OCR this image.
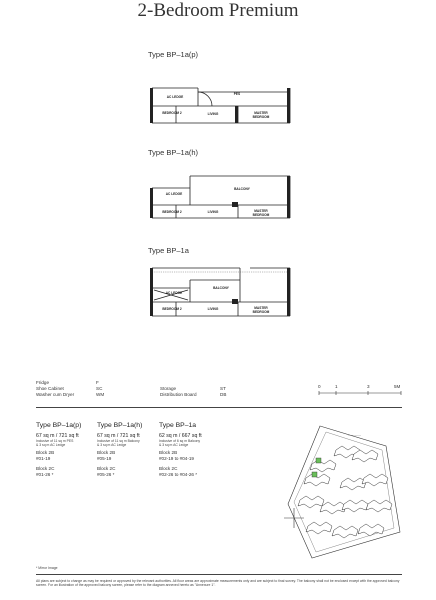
2-Bedroom Premium
Type BP–1a(p)
AC LEDGE
PES
BEDROOM 2	LIVING	MASTER BEDROOM
Type BP–1a(h)
AC LEDGE
BALCONY
BEDROOM 2	LIVING	MASTER BEDROOM
Type BP–1a
AC LEDGE
BALCONY
BEDROOM 2	LIVING	MASTER BEDROOM
Fridge	F
Shoe Cabinet	SC
Washer cum Dryer	WM
Storage	ST
Distribution Board	DB
0	1	3	5M
Type BP–1a(p)
67 sq m / 721 sq ft
Inclusive of 11 sq m PES
& 3 sq m AC Ledge
Block 2B
#01-19
Block 2C
#01-26 *
Type BP–1a(h)
67 sq m / 721 sq ft
Inclusive of 11 sq m Balcony
& 3 sq m AC Ledge
Block 2B
#05-19
Block 2C
#05-26 *
Type BP–1a
62 sq m / 667 sq ft
Inclusive of 6 sq m Balcony
& 3 sq m AC Ledge
Block 2B
#02-19 to #04-19
Block 2C
#02-26 to #04-26 *
—————
* Mirror Image
All plans are subject to change as may be required or approved by the relevant authorities. All floor areas are approximate measurements only and are subject to final survey. The balcony shall not be enclosed except with the approved balcony screen. For an illustration of the approved balcony screen, please refer to the diagram annexed hereto as "Annexure 1".
